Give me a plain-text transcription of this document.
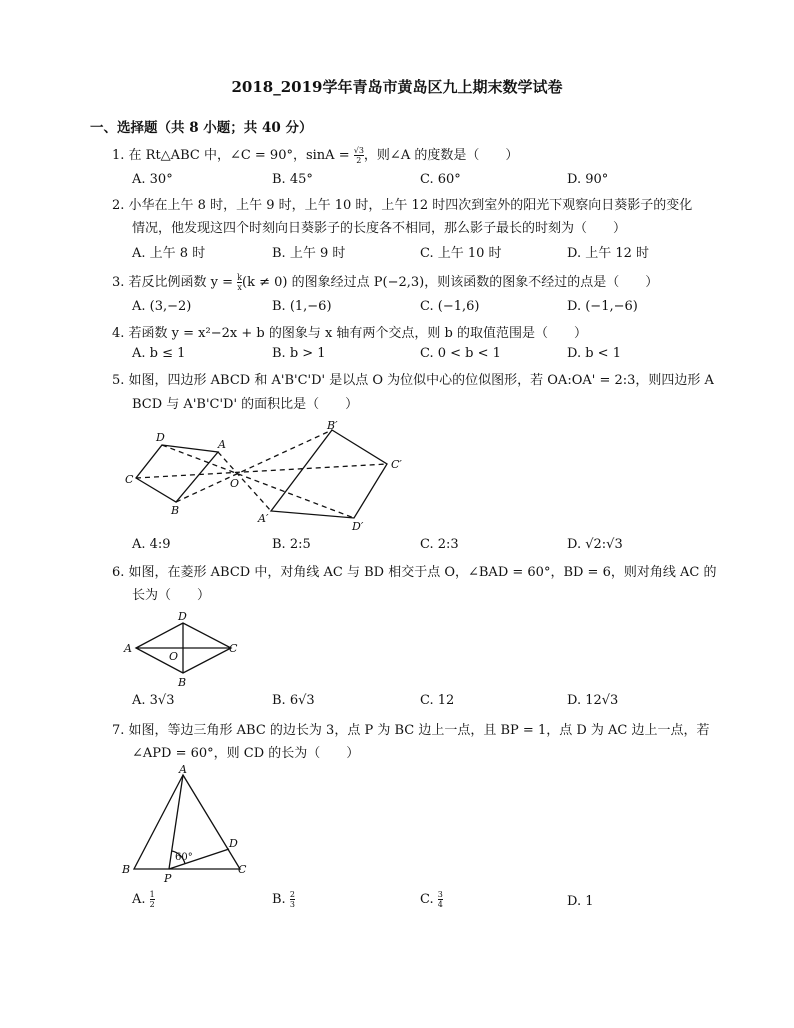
2018_2019学年青岛市黄岛区九上期末数学试卷
一、选择题（共 8 小题；共 40 分）
1. 在 Rt△ABC 中，∠C = 90°，$\sin A = \frac{√3}{2}$ ，则∠A 的度数是（　　）
A. 30°	B. 45°	C. 60°	D. 90°
2. 小华在上午 8 时，上午 9 时，上午 10 时，上午 12 时四次到室外的阳光下观察向日葵影子的变化
情况，他发现这四个时刻向日葵影子的长度各不相同，那么影子最长的时刻为（　　）
A. 上午 8 时	B. 上午 9 时	C. 上午 10 时	D. 上午 12 时
3. 若反比例函数 $y = \frac{k}{x} (k \ne 0)$ 的图象经过点 P(−2,3)，则该函数的图象不经过的点是（　　）
A. (3,−2)	B. (1,−6)	C. (−1,6)	D. (−1,−6)
4. 若函数 y = x²−2x + b 的图象与 x 轴有两个交点，则 b 的取值范围是（　　）
A. b ≤ 1	B. b > 1	C. 0 < b < 1	D. b < 1
5. 如图，四边形 ABCD 和 A'B'C'D' 是以点 O 为位似中心的位似图形，若 OA:OA' = 2:3，则四边形 A
BCD 与 A'B'C'D' 的面积比是（　　）
D
A
C	O
B
B′
C′
A′
D′
A. 4:9	B. 2:5	C. 2:3	D. √2:√3
6. 如图，在菱形 ABCD 中，对角线 AC 与 BD 相交于点 O，∠BAD = 60°，BD = 6，则对角线 AC 的
长为（　　）
D
A
O
C
B
A. 3√3	B. 6√3	C. 12	D. 12√3
7. 如图，等边三角形 ABC 的边长为 3，点 P 为 BC 边上一点，且 BP = 1，点 D 为 AC 边上一点，若
∠APD = 60°，则 CD 的长为（　　）
A
D
60°
B
P
C
A. $\frac{1}{2}$	B. $\frac{2}{3}$	C. $\frac{3}{4}$	D. 1
